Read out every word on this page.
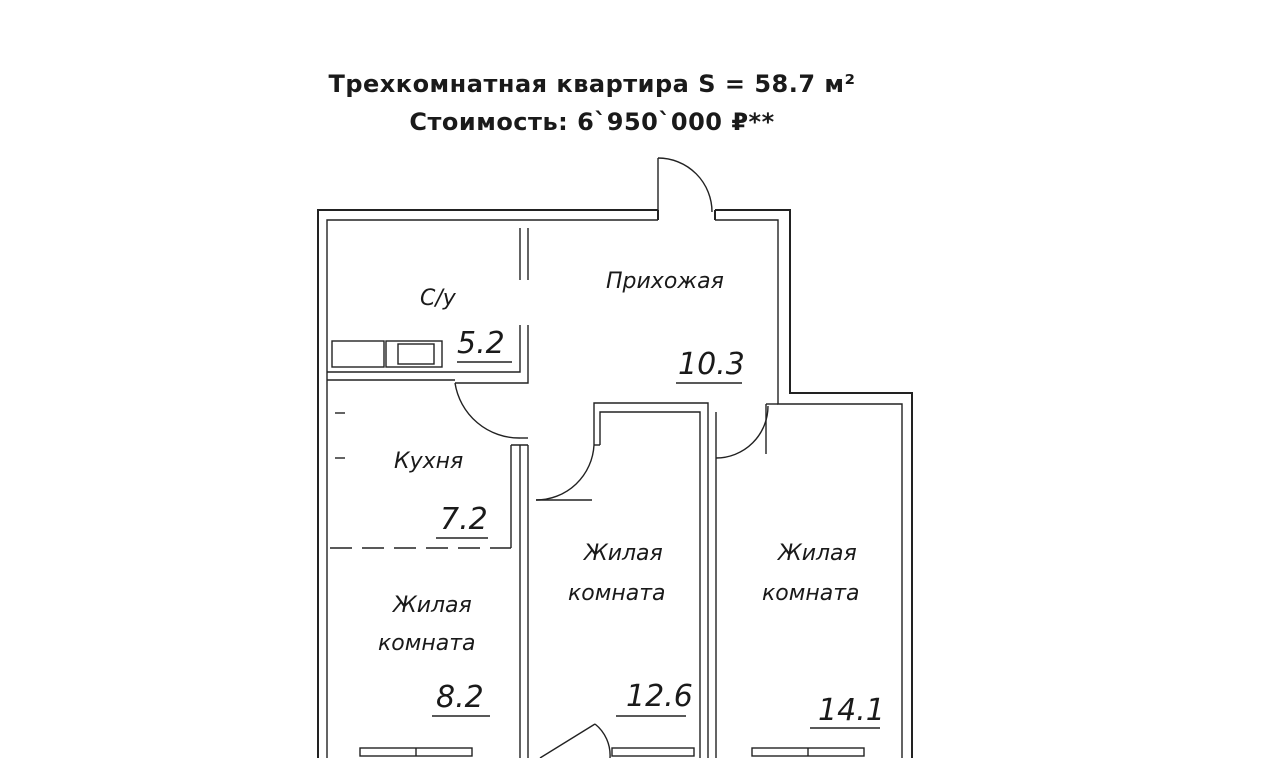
Трехкомнатная квартира S = 58.7 м²
Стоимость: 6`950`000 ₽**
С/у
5.2
Прихожая
10.3
Кухня
7.2
Жилая
комната
8.2
Жилая
комната
12.6
Жилая
комната
14.1
